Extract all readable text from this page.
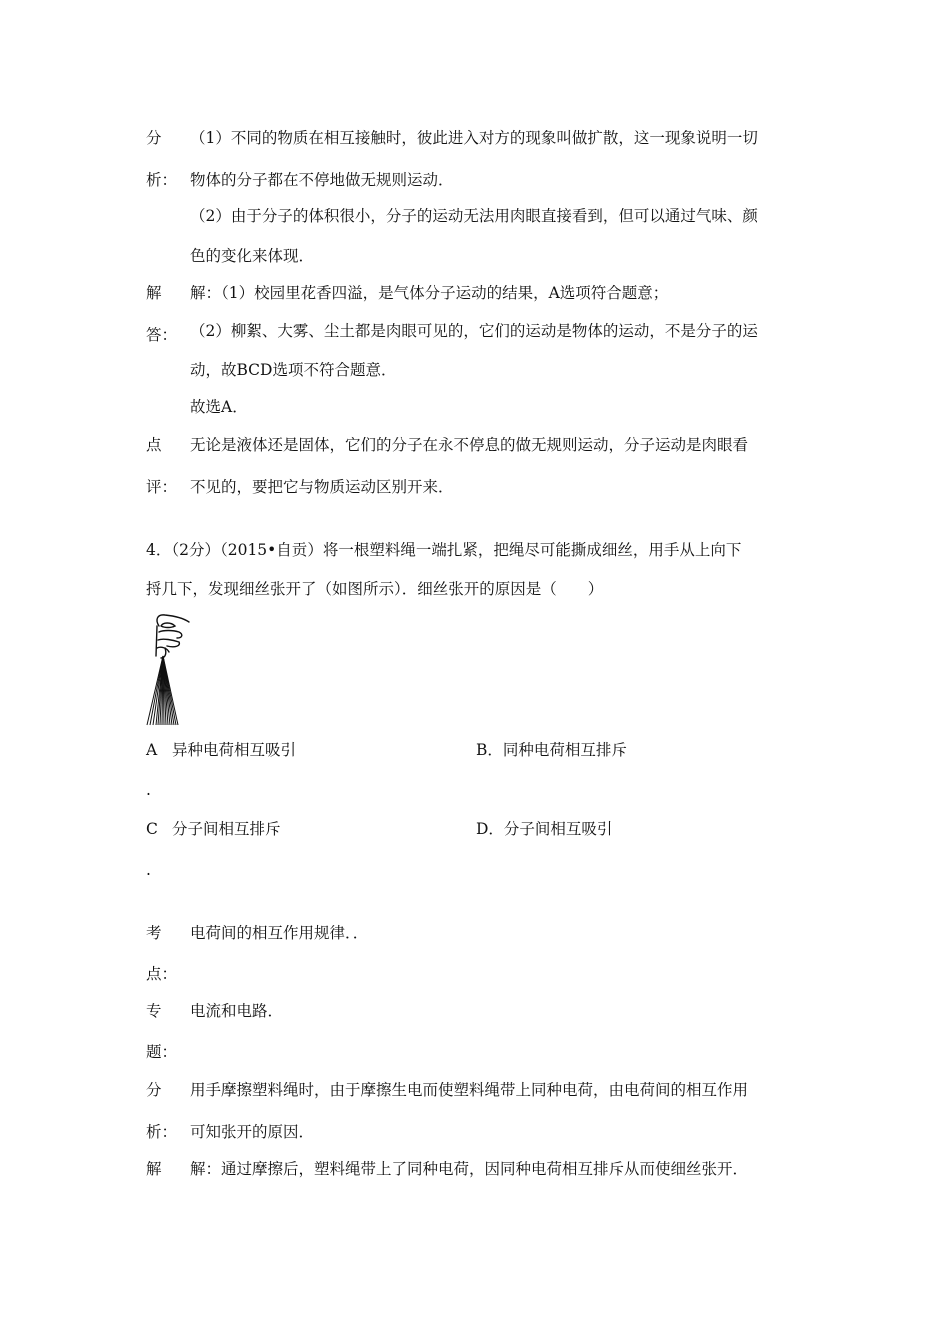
分
析：
（1）不同的物质在相互接触时，彼此进入对方的现象叫做扩散，这一现象说明一切
物体的分子都在不停地做无规则运动．
（2）由于分子的体积很小，分子的运动无法用肉眼直接看到，但可以通过气味、颜
色的变化来体现．
解
答：
解：（1）校园里花香四溢，是气体分子运动的结果，A选项符合题意；
（2）柳絮、大雾、尘土都是肉眼可见的，它们的运动是物体的运动，不是分子的运
动，故BCD选项不符合题意．
故选A．
点
评：
无论是液体还是固体，它们的分子在永不停息的做无规则运动，分子运动是肉眼看
不见的，要把它与物质运动区别开来．
4．（2分）（2015•自贡）将一根塑料绳一端扎紧，把绳尽可能撕成细丝，用手从上向下
捋几下，发现细丝张开了（如图所示）．细丝张开的原因是（　　）
A 异种电荷相互吸引
.
B．同种电荷相互排斥
C 分子间相互排斥
.
D．分子间相互吸引
考
点：
电荷间的相互作用规律．．
专
题：
电流和电路．
分
析：
用手摩擦塑料绳时，由于摩擦生电而使塑料绳带上同种电荷，由电荷间的相互作用
可知张开的原因．
解 解：通过摩擦后，塑料绳带上了同种电荷，因同种电荷相互排斥从而使细丝张开．
